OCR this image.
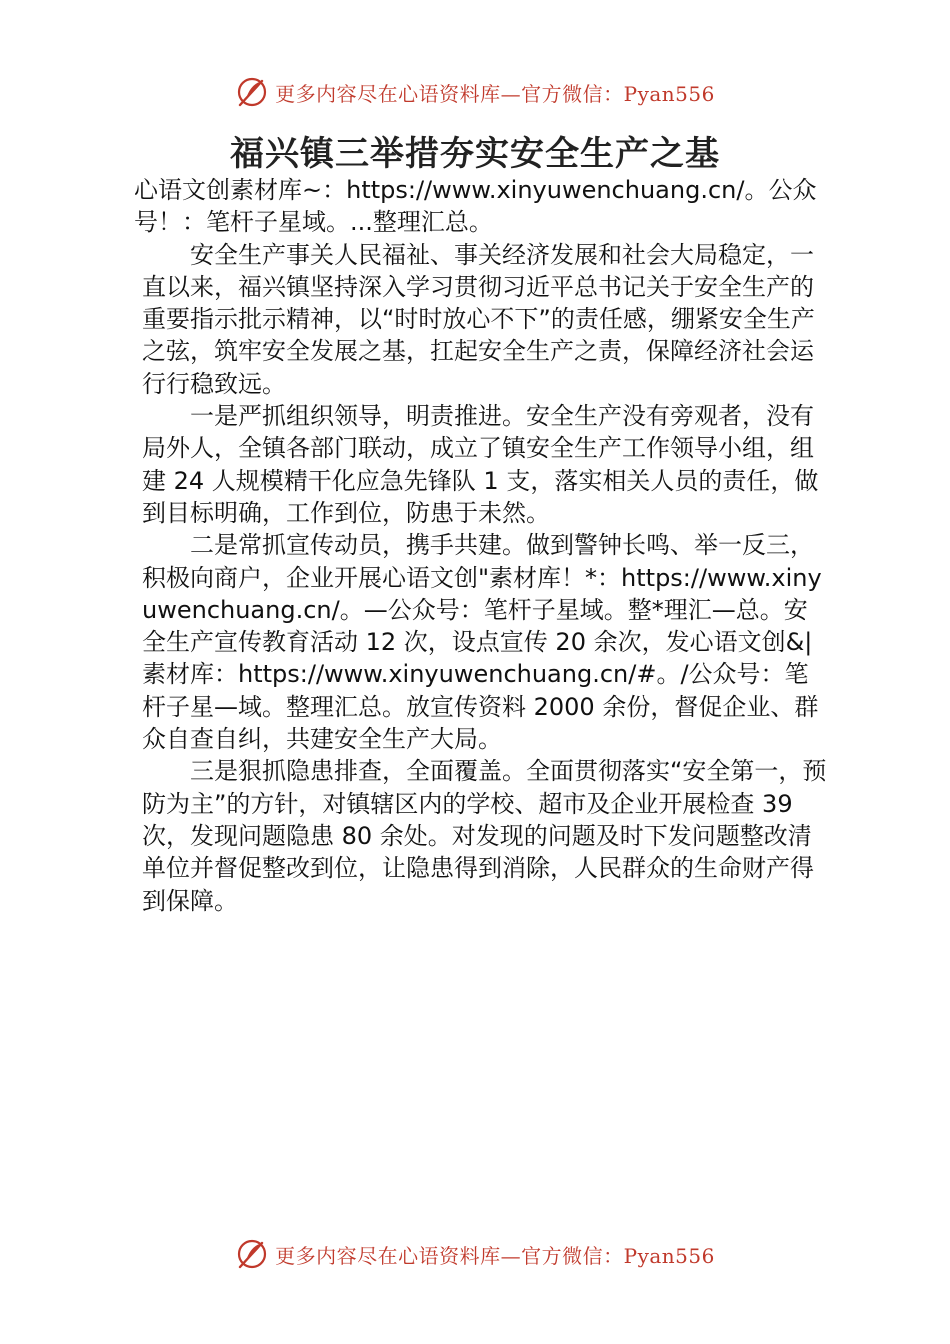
更多内容尽在心语资料库—官方微信：Pyan556
福兴镇三举措夯实安全生产之基

心语文创素材库~：https://www.xinyuwenchuang.cn/。公众号！：笔杆子星域。...整理汇总。

安全生产事关人民福祉、事关经济发展和社会大局稳定，一直以来，福兴镇坚持深入学习贯彻习近平总书记关于安全生产的重要指示批示精神，以“时时放心不下”的责任感，绷紧安全生产之弦，筑牢安全发展之基，扛起安全生产之责，保障经济社会运行行稳致远。

一是严抓组织领导，明责推进。安全生产没有旁观者，没有局外人，全镇各部门联动，成立了镇安全生产工作领导小组，组建 24 人规模精干化应急先锋队 1 支，落实相关人员的责任，做到目标明确，工作到位，防患于未然。

二是常抓宣传动员，携手共建。做到警钟长鸣、举一反三，积极向商户，企业开展心语文创"素材库！*：https://www.xinyuwenchuang.cn/。—公众号：笔杆子星域。整*理汇—总。安全生产宣传教育活动 12 次，设点宣传 20 余次，发心语文创&|素材库：https://www.xinyuwenchuang.cn/#。/公众号：笔杆子星—域。整理汇总。放宣传资料 2000 余份，督促企业、群众自查自纠，共建安全生产大局。

三是狠抓隐患排查，全面覆盖。全面贯彻落实“安全第一，预防为主”的方针，对镇辖区内的学校、超市及企业开展检查 39 次，发现问题隐患 80 余处。对发现的问题及时下发问题整改清单位并督促整改到位，让隐患得到消除，人民群众的生命财产得到保障。

更多内容尽在心语资料库—官方微信：Pyan556
